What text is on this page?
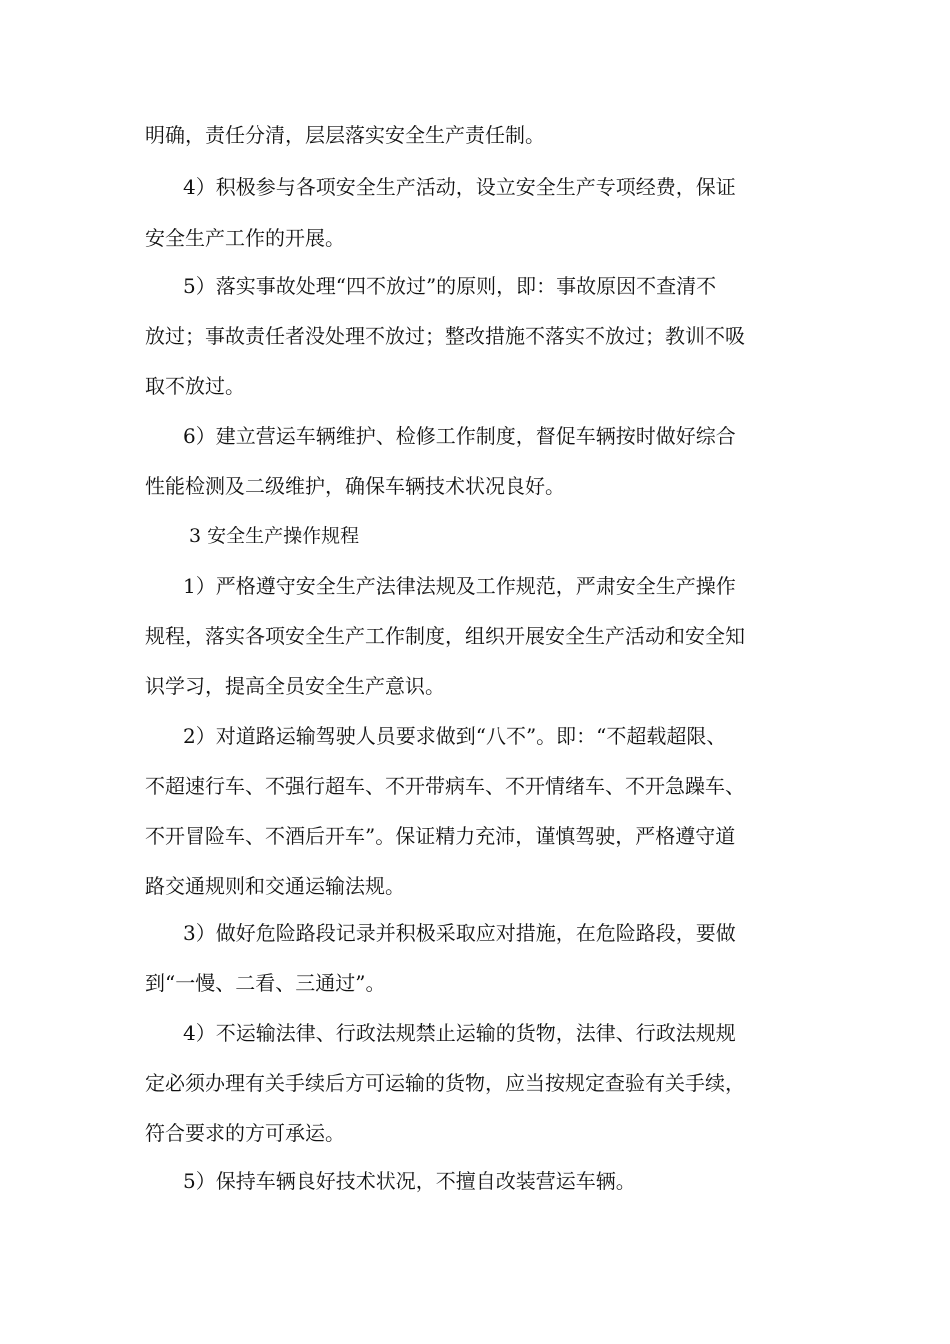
明确，责任分清，层层落实安全生产责任制。

4）积极参与各项安全生产活动，设立安全生产专项经费，保证

安全生产工作的开展。

5）落实事故处理“四不放过”的原则，即：事故原因不查清不

放过；事故责任者没处理不放过；整改措施不落实不放过；教训不吸

取不放过。

6）建立营运车辆维护、检修工作制度，督促车辆按时做好综合

性能检测及二级维护，确保车辆技术状况良好。

3 安全生产操作规程

1）严格遵守安全生产法律法规及工作规范，严肃安全生产操作

规程，落实各项安全生产工作制度，组织开展安全生产活动和安全知

识学习，提高全员安全生产意识。

2）对道路运输驾驶人员要求做到“八不”。即：“不超载超限、

不超速行车、不强行超车、不开带病车、不开情绪车、不开急躁车、

不开冒险车、不酒后开车”。保证精力充沛，谨慎驾驶，严格遵守道

路交通规则和交通运输法规。

3）做好危险路段记录并积极采取应对措施，在危险路段，要做

到“一慢、二看、三通过”。

4）不运输法律、行政法规禁止运输的货物，法律、行政法规规

定必须办理有关手续后方可运输的货物，应当按规定查验有关手续，

符合要求的方可承运。

5）保持车辆良好技术状况，不擅自改装营运车辆。
